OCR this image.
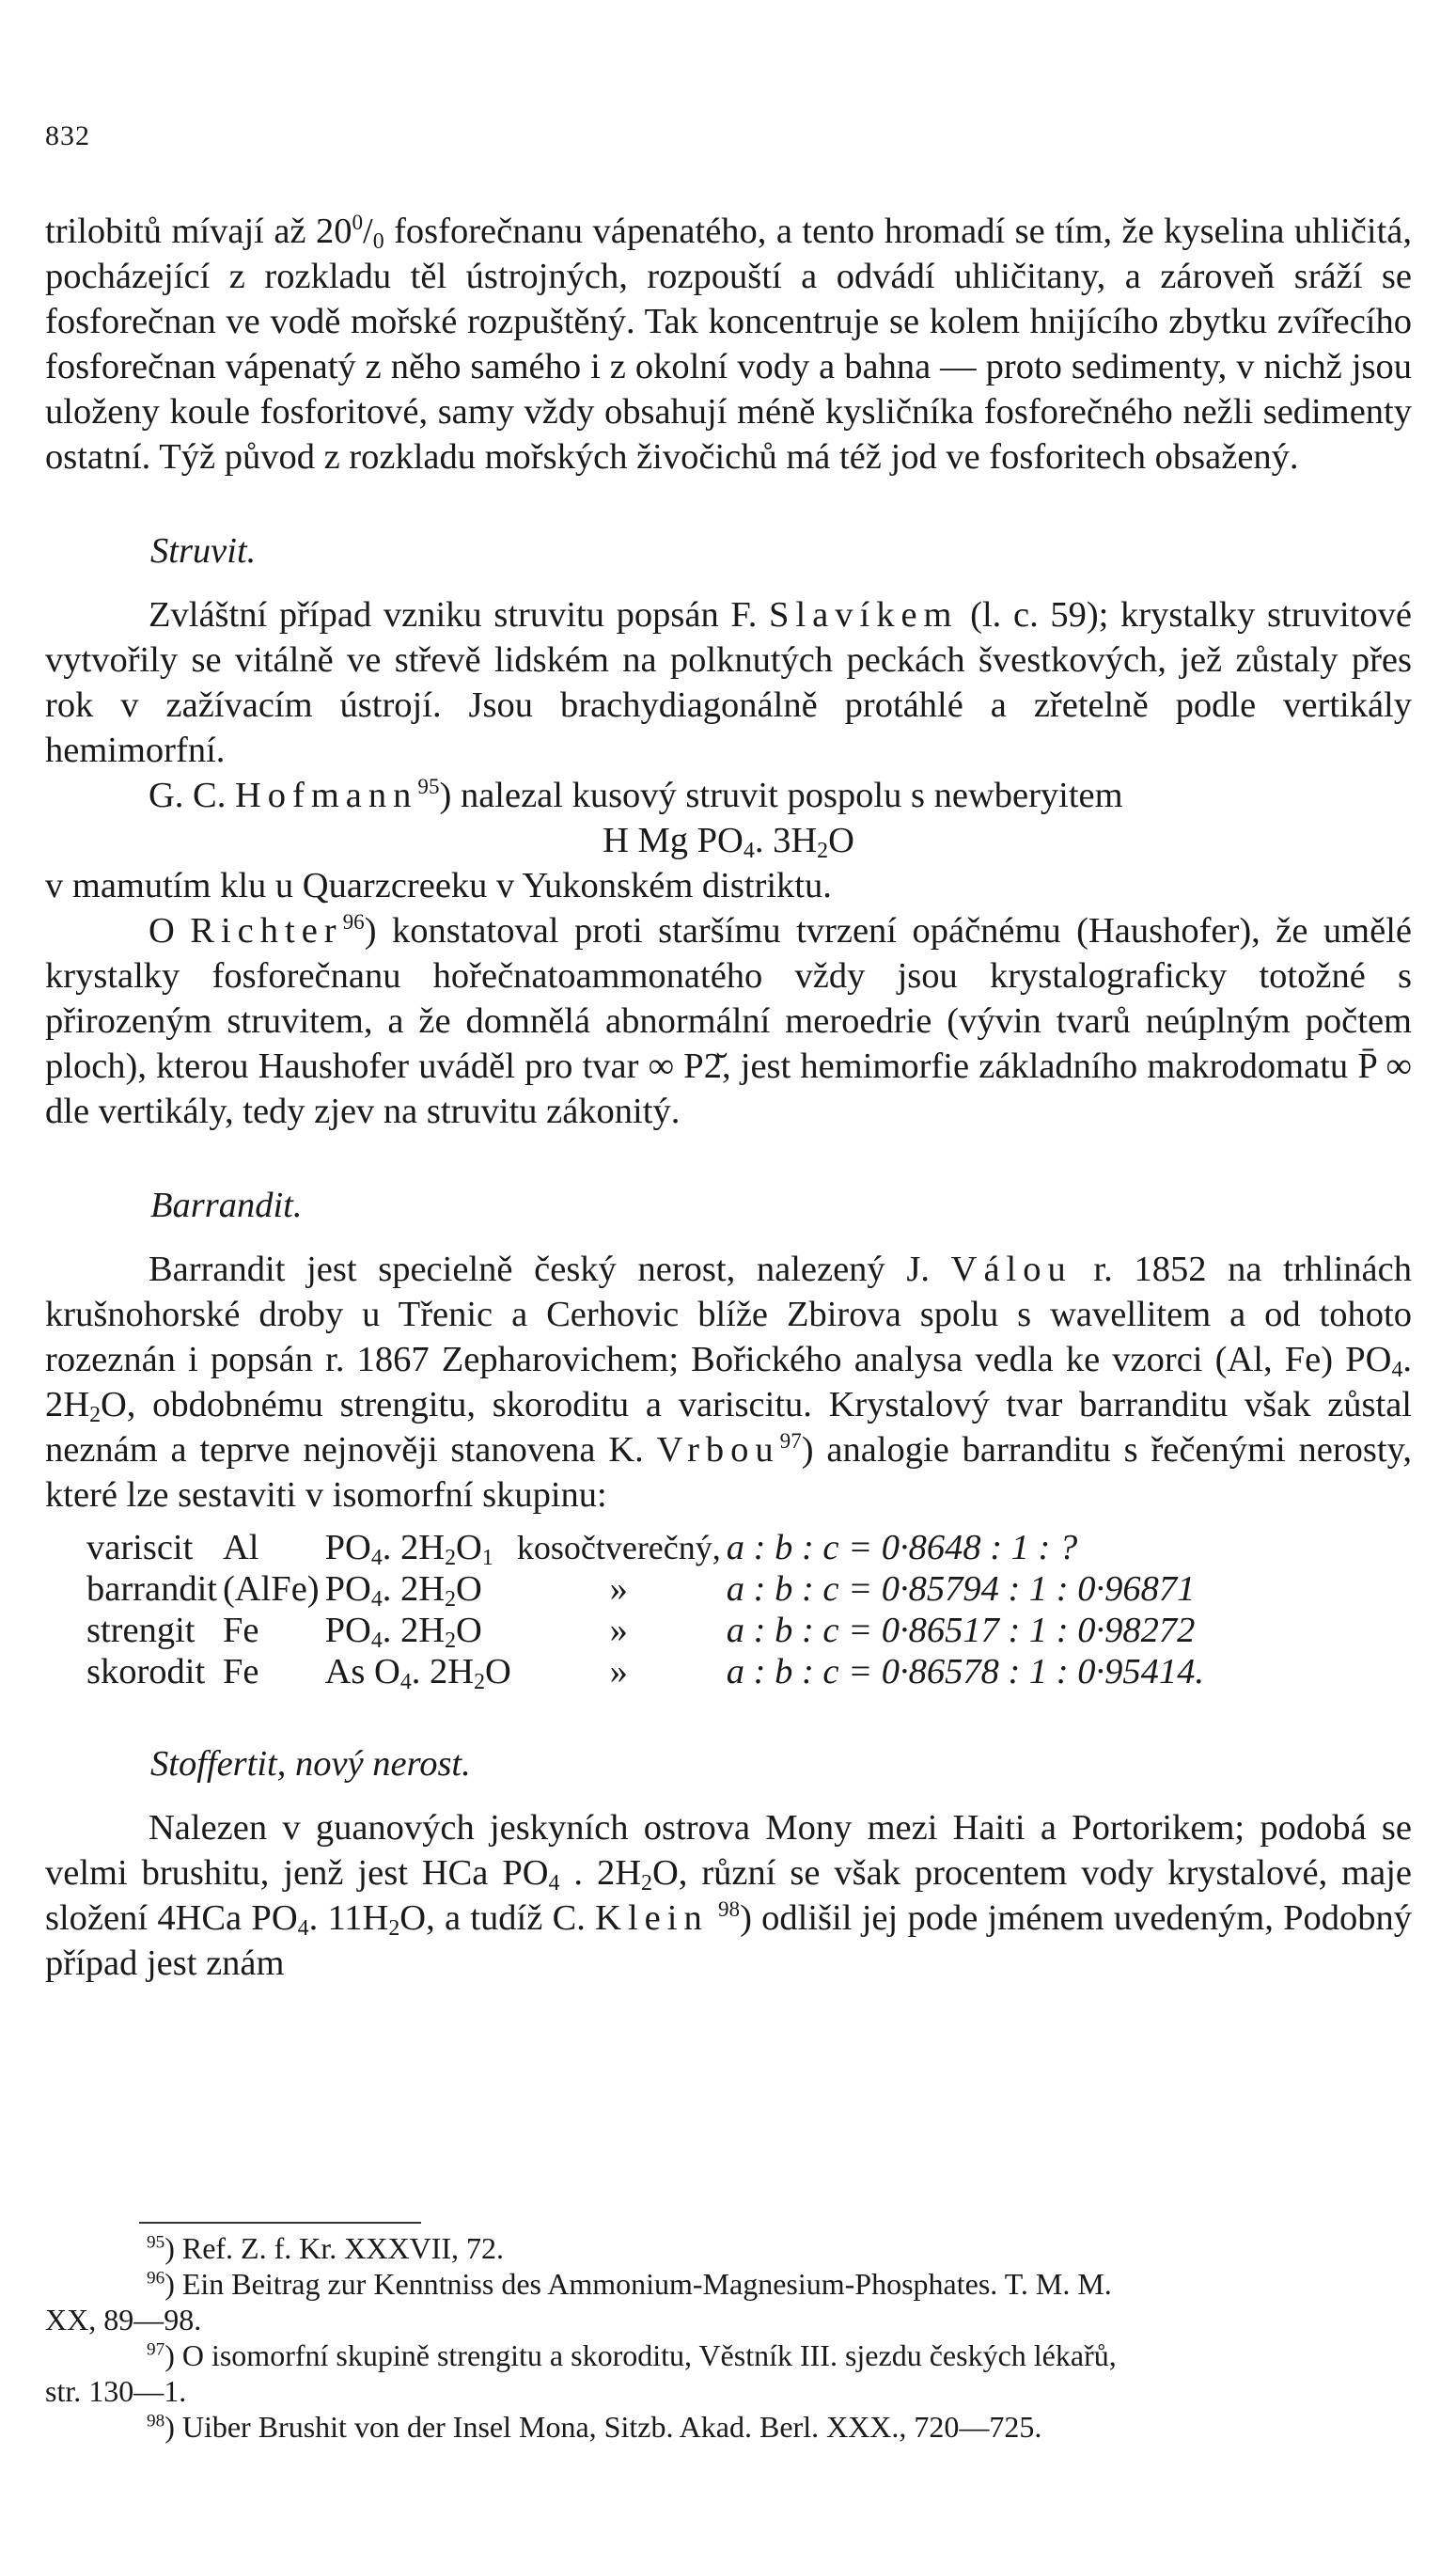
832

trilobitů mívají až $20^0/_0$ fosforečnanu vápenatého, a tento hromadí se tím, že kyselina uhličitá, pocházející z rozkladu těl ústrojných, rozpouští a odvádí uhličitany, a zároveň sráží se fosforečnan ve vodě mořské rozpuštěný. Tak koncentruje se kolem hnijícího zbytku zvířecího fosforečnan vápenatý z něho samého i z okolní vody a bahna — proto sedimenty, v nichž jsou uloženy koule fosforitové, samy vždy obsahují méně kysličníka fosforečného nežli sedimenty ostatní. Týž původ z rozkladu mořských živočichů má též jod ve fosforitech obsažený.

Struvit.

Zvláštní případ vzniku struvitu popsán F. Slavíkem (l. c. 59); krystalky struvitové vytvořily se vitálně ve střevě lidském na polknutých peckách švestkových, jež zůstaly přes rok v zažívacím ústrojí. Jsou brachydiagonálně protáhlé a zřetelně podle vertikály hemimorfní.

G. C. Hofmann$^{95}$) nalezal kusový struvit pospolu s newberyitem

H Mg $PO_4$. $3H_2O$

v mamutím klu u Quarzcreeku v Yukonském distriktu.

O Richter$^{96}$) konstatoval proti staršímu tvrzení opáčnému (Haushofer), že umělé krystalky fosforečnanu hořečnatoammonatého vždy jsou krystalograficky totožné s přirozeným struvitem, a že domnělá abnormální meroedrie (vývin tvarů neúplným počtem ploch), kterou Haushofer uváděl pro tvar ∞ P2̆, jest hemimorfie základního makrodomatu P̄ ∞ dle vertikály, tedy zjev na struvitu zákonitý.

Barrandit.

Barrandit jest specielně český nerost, nalezený J. Válou r. 1852 na trhlinách krušnohorské droby u Třenic a Cerhovic blíže Zbirova spolu s wavellitem a od tohoto rozeznán i popsán r. 1867 Zepharovichem; Bořického analysa vedla ke vzorci (Al, Fe) $PO_4$. $2H_2O$, obdobnému strengitu, skoroditu a variscitu. Krystalový tvar barranditu však zůstal neznám a teprve nejnověji stanovena K. Vrbou$^{97}$) analogie barranditu s řečenými nerosty, které lze sestaviti v isomorfní skupinu:

variscit	Al	$PO_4$. $2H_2O_1$	kosočtverečný,	a : b : c = 0·8648 : 1 : ?
barrandit	(AlFe)	$PO_4$. $2H_2O$	»	a : b : c = 0·85794 : 1 : 0·96871
strengit	Fe	$PO_4$. $2H_2O$	»	a : b : c = 0·86517 : 1 : 0·98272
skorodit	Fe	As $O_4$. $2H_2O$	»	a : b : c = 0·86578 : 1 : 0·95414.

Stoffertit, nový nerost.

Nalezen v guanových jeskyních ostrova Mony mezi Haiti a Portorikem; podobá se velmi brushitu, jenž jest HCa $PO_4$ . $2H_2O$, různí se však procentem vody krystalové, maje složení 4HCa $PO_4$. $11H_2O$, a tudíž C. Klein $^{98}$) odlišil jej pode jménem uvedeným, Podobný případ jest znám

$^{95}$) Ref. Z. f. Kr. XXXVII, 72.

$^{96}$) Ein Beitrag zur Kenntniss des Ammonium-Magnesium-Phosphates. T. M. M.

XX, 89—98.

$^{97}$) O isomorfní skupině strengitu a skoroditu, Věstník III. sjezdu českých lékařů,

str. 130—1.

$^{98}$) Uiber Brushit von der Insel Mona, Sitzb. Akad. Berl. XXX., 720—725.
